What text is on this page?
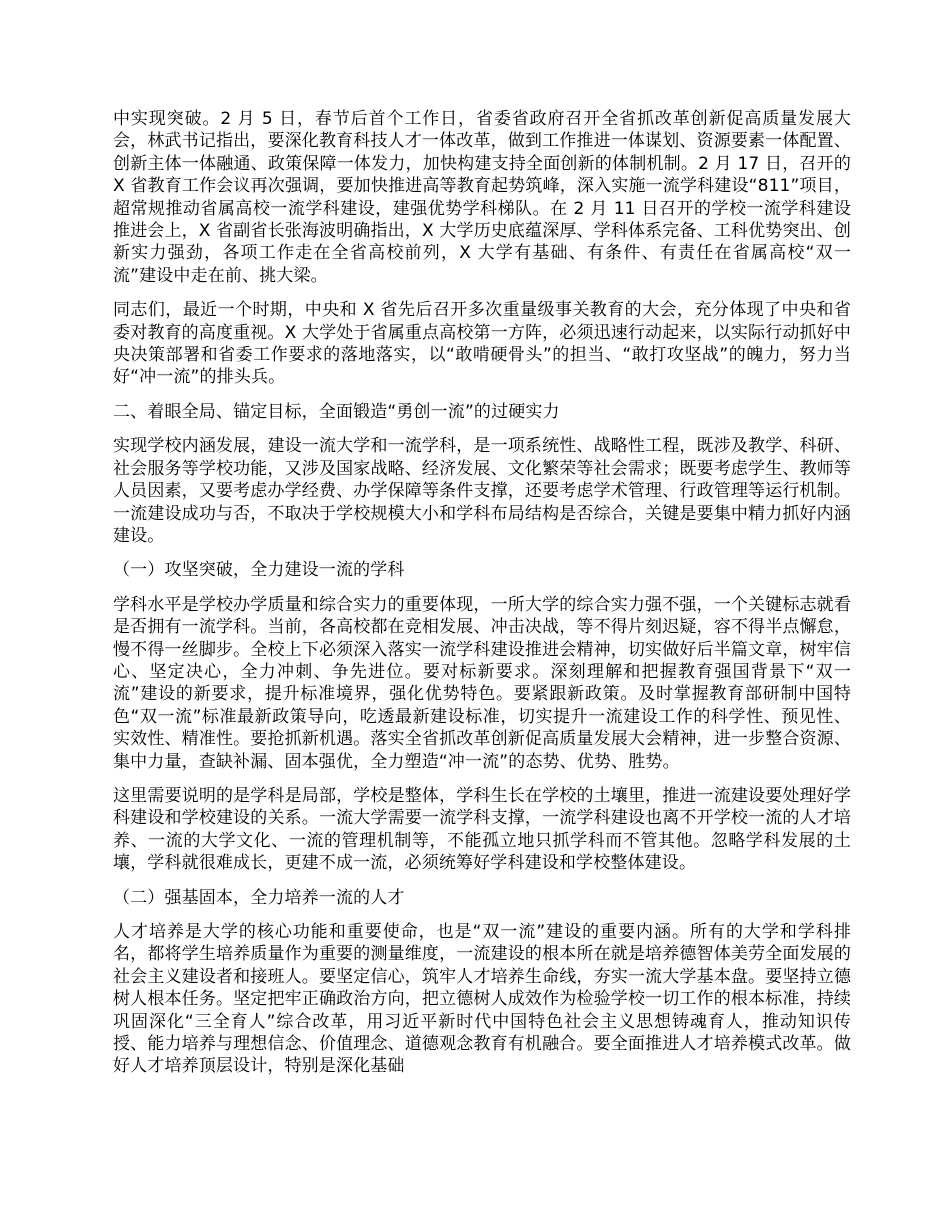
中实现突破。2 月 5 日，春节后首个工作日，省委省政府召开全省抓改革创新促高质量发展大会，林武书记指出，要深化教育科技人才一体改革，做到工作推进一体谋划、资源要素一体配置、创新主体一体融通、政策保障一体发力，加快构建支持全面创新的体制机制。2 月 17 日，召开的 X 省教育工作会议再次强调，要加快推进高等教育起势筑峰，深入实施一流学科建设“811”项目，超常规推动省属高校一流学科建设，建强优势学科梯队。在 2 月 11 日召开的学校一流学科建设推进会上，X 省副省长张海波明确指出，X 大学历史底蕴深厚、学科体系完备、工科优势突出、创新实力强劲，各项工作走在全省高校前列，X 大学有基础、有条件、有责任在省属高校“双一流”建设中走在前、挑大梁。

同志们，最近一个时期，中央和 X 省先后召开多次重量级事关教育的大会，充分体现了中央和省委对教育的高度重视。X 大学处于省属重点高校第一方阵，必须迅速行动起来，以实际行动抓好中央决策部署和省委工作要求的落地落实，以“敢啃硬骨头”的担当、“敢打攻坚战”的魄力，努力当好“冲一流”的排头兵。

二、着眼全局、锚定目标，全面锻造“勇创一流”的过硬实力

实现学校内涵发展，建设一流大学和一流学科，是一项系统性、战略性工程，既涉及教学、科研、社会服务等学校功能，又涉及国家战略、经济发展、文化繁荣等社会需求；既要考虑学生、教师等人员因素，又要考虑办学经费、办学保障等条件支撑，还要考虑学术管理、行政管理等运行机制。一流建设成功与否，不取决于学校规模大小和学科布局结构是否综合，关键是要集中精力抓好内涵建设。

（一）攻坚突破，全力建设一流的学科

学科水平是学校办学质量和综合实力的重要体现，一所大学的综合实力强不强，一个关键标志就看是否拥有一流学科。当前，各高校都在竞相发展、冲击决战，等不得片刻迟疑，容不得半点懈怠，慢不得一丝脚步。全校上下必须深入落实一流学科建设推进会精神，切实做好后半篇文章，树牢信心、坚定决心，全力冲刺、争先进位。要对标新要求。深刻理解和把握教育强国背景下“双一流”建设的新要求，提升标准境界，强化优势特色。要紧跟新政策。及时掌握教育部研制中国特色“双一流”标准最新政策导向，吃透最新建设标准，切实提升一流建设工作的科学性、预见性、实效性、精准性。要抢抓新机遇。落实全省抓改革创新促高质量发展大会精神，进一步整合资源、集中力量，查缺补漏、固本强优，全力塑造“冲一流”的态势、优势、胜势。

这里需要说明的是学科是局部，学校是整体，学科生长在学校的土壤里，推进一流建设要处理好学科建设和学校建设的关系。一流大学需要一流学科支撑，一流学科建设也离不开学校一流的人才培养、一流的大学文化、一流的管理机制等，不能孤立地只抓学科而不管其他。忽略学科发展的土壤，学科就很难成长，更建不成一流，必须统筹好学科建设和学校整体建设。

（二）强基固本，全力培养一流的人才

人才培养是大学的核心功能和重要使命，也是“双一流”建设的重要内涵。所有的大学和学科排名，都将学生培养质量作为重要的测量维度，一流建设的根本所在就是培养德智体美劳全面发展的社会主义建设者和接班人。要坚定信心，筑牢人才培养生命线，夯实一流大学基本盘。要坚持立德树人根本任务。坚定把牢正确政治方向，把立德树人成效作为检验学校一切工作的根本标准，持续巩固深化“三全育人”综合改革，用习近平新时代中国特色社会主义思想铸魂育人，推动知识传授、能力培养与理想信念、价值理念、道德观念教育有机融合。要全面推进人才培养模式改革。做好人才培养顶层设计，特别是深化基础
